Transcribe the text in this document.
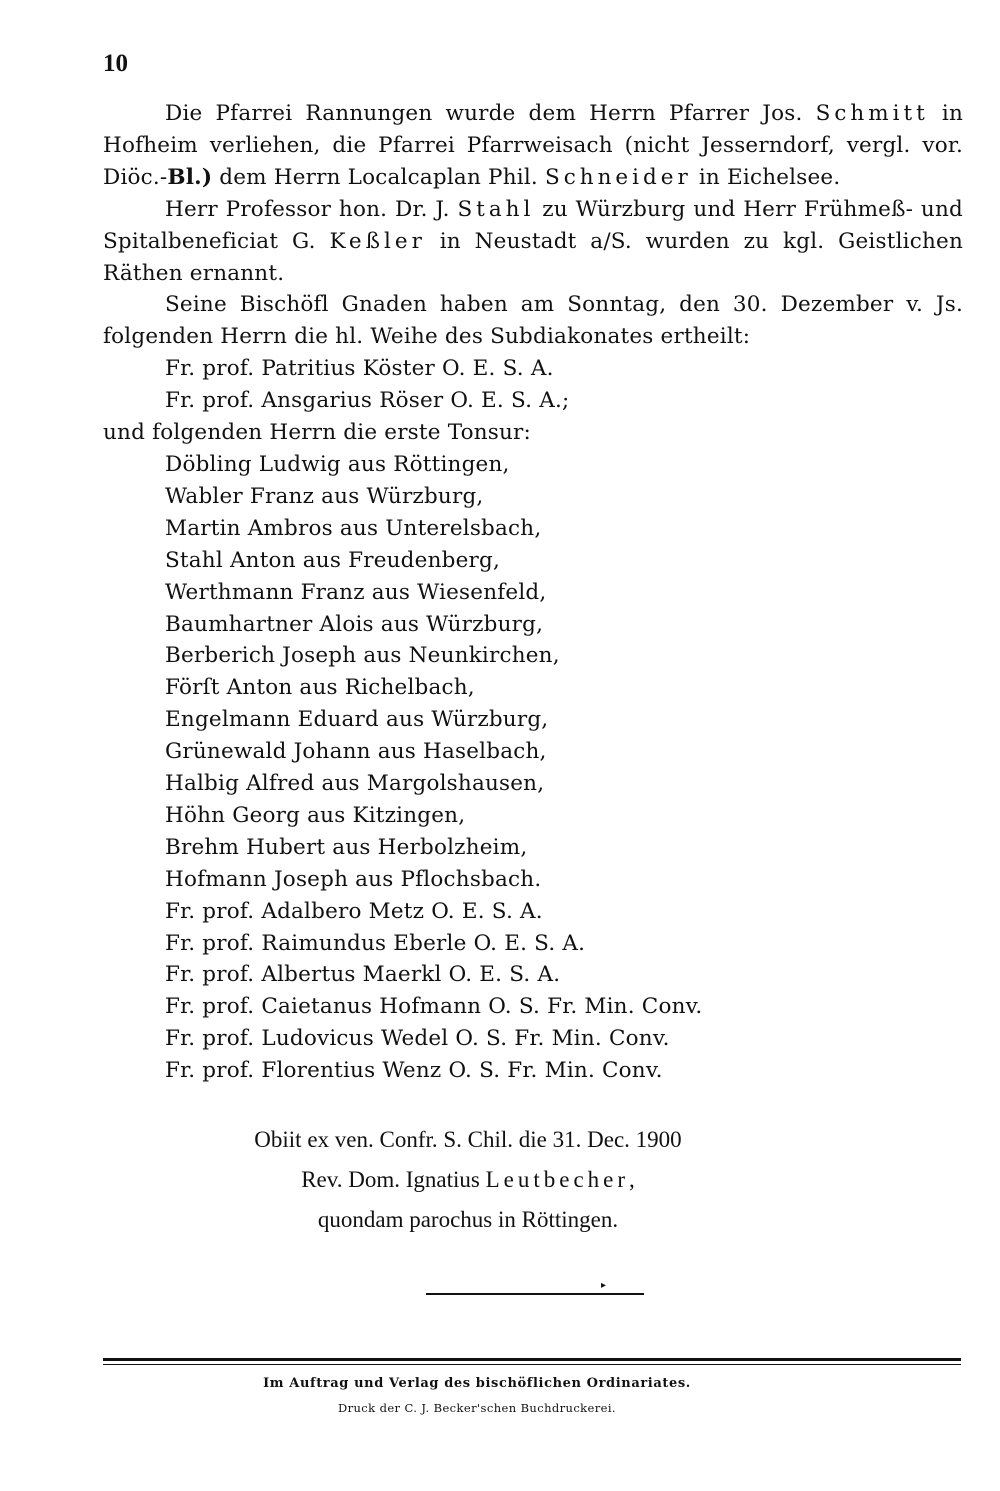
10

Die Pfarrei Rannungen wurde dem Herrn Pfarrer Jos. Schmitt in Hofheim verliehen, die Pfarrei Pfarrweisach (nicht Jesserndorf, vergl. vor. Diöc.-Bl.) dem Herrn Localcaplan Phil. Schneider in Eichelsee.

Herr Professor hon. Dr. J. Stahl zu Würzburg und Herr Frühmeß- und Spitalbeneficiat G. Keßler in Neustadt a/S. wurden zu kgl. Geistlichen Räthen ernannt.

Seine Bischöfl Gnaden haben am Sonntag, den 30. Dezember v. Js. folgenden Herrn die hl. Weihe des Subdiakonates ertheilt:

Fr. prof. Patritius Köster O. E. S. A.

Fr. prof. Ansgarius Röser O. E. S. A.;

und folgenden Herrn die erste Tonsur:

Döbling Ludwig aus Röttingen,

Wabler Franz aus Würzburg,

Martin Ambros aus Unterelsbach,

Stahl Anton aus Freudenberg,

Werthmann Franz aus Wiesenfeld,

Baumhartner Alois aus Würzburg,

Berberich Joseph aus Neunkirchen,

Förſt Anton aus Richelbach,

Engelmann Eduard aus Würzburg,

Grünewald Johann aus Haselbach,

Halbig Alfred aus Margolshausen,

Höhn Georg aus Kitzingen,

Brehm Hubert aus Herbolzheim,

Hofmann Joseph aus Pflochsbach.

Fr. prof. Adalbero Metz O. E. S. A.

Fr. prof. Raimundus Eberle O. E. S. A.

Fr. prof. Albertus Maerkl O. E. S. A.

Fr. prof. Caietanus Hofmann O. S. Fr. Min. Conv.

Fr. prof. Ludovicus Wedel O. S. Fr. Min. Conv.

Fr. prof. Florentius Wenz O. S. Fr. Min. Conv.

Obiit ex ven. Confr. S. Chil. die 31. Dec. 1900

Rev. Dom. Ignatius Leutbecher,

quondam parochus in Röttingen.

▸

Im Auftrag und Verlag des bischöflichen Ordinariates.

Druck der C. J. Becker'schen Buchdruckerei.
